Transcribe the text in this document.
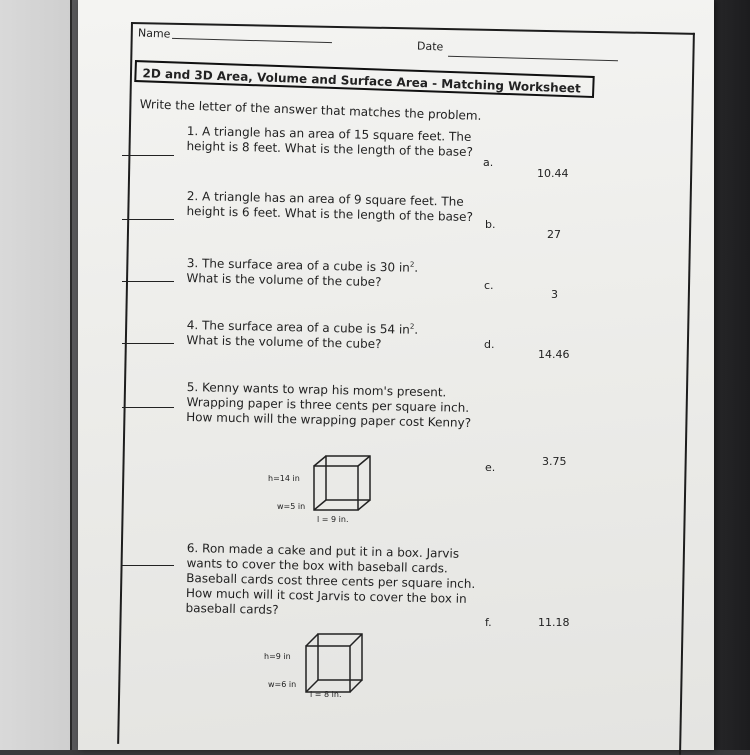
Name
Date
2D and 3D Area, Volume and Surface Area - Matching Worksheet
Write the letter of the answer that matches the problem.
1. A triangle has an area of 15 square feet. The height is 8 feet. What is the length of the base?
2. A triangle has an area of 9 square feet. The height is 6 feet. What is the length of the base?
3. The surface area of a cube is 30 $in^2$.
What is the volume of the cube?
4. The surface area of a cube is 54 $in^2$.
What is the volume of the cube?
5. Kenny wants to wrap his mom's present. Wrapping paper is three cents per square inch. How much will the wrapping paper cost Kenny?
h=14 in
w=5 in
l = 9 in.
6. Ron made a cake and put it in a box. Jarvis wants to cover the box with baseball cards. Baseball cards cost three cents per square inch. How much will it cost Jarvis to cover the box in baseball cards?
h=9 in
w=6 in
l = 8 in.
a.
10.44
b.
27
c.
3
d.
14.46
e.	3.75
f.	11.18
